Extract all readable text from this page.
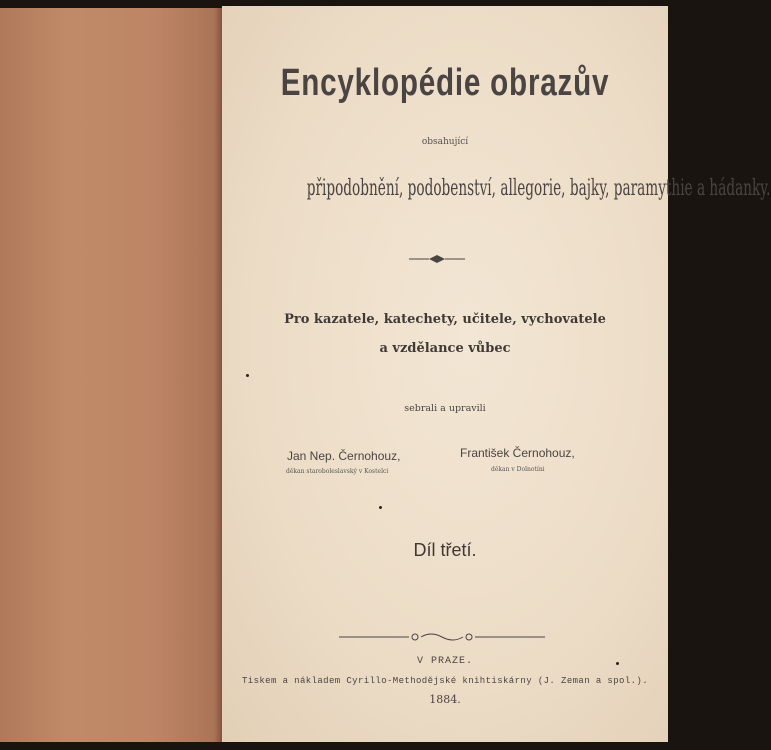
Encyklopédie obrazův
obsahující
připodobnění, podobenství, allegorie, bajky, paramythie a hádanky.
Pro kazatele, katechety, učitele, vychovatele
a vzdělance vůbec
sebrali a upravili
Jan Nep. Černohouz,
děkan staroboleslavský v Kostelci
František Černohouz,
děkan v Dolnotíni
Díl třetí.
V PRAZE.
Tiskem a nákladem Cyrillo-Methodějské knihtiskárny (J. Zeman a spol.).
1884.
